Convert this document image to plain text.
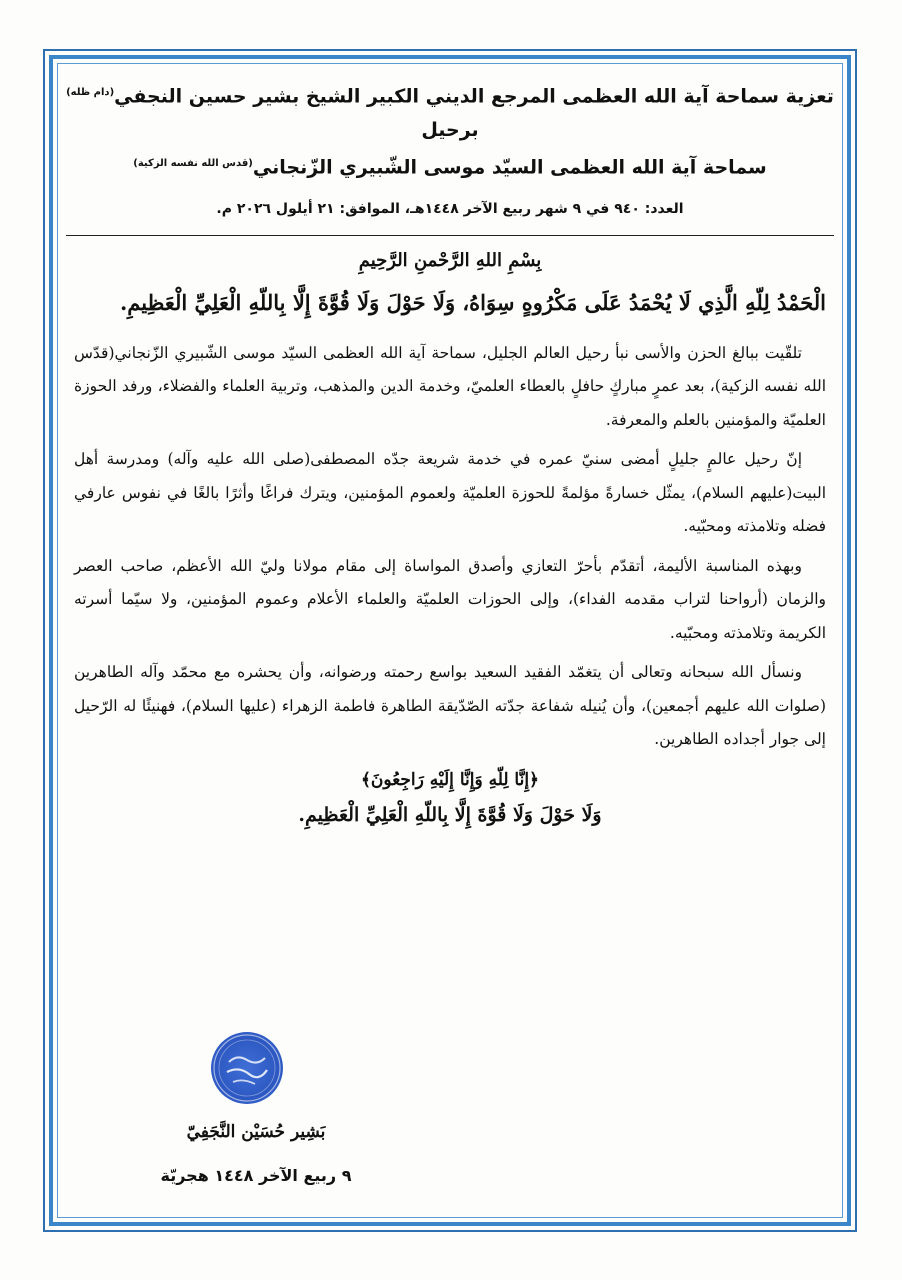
تعزية سماحة آية الله العظمى المرجع الديني الكبير الشيخ بشير حسين النجفي$^{(دام ظله)}$ برحيل
سماحة آية الله العظمى السيّد موسى الشّبيري الزّنجاني$^{(قدس الله نفسه الزكية)}$
العدد: ٩٤٠ في ٩ شهر ربيع الآخر ١٤٤٨هـ، الموافق: ٢١ أيلول ٢٠٢٦ م.
بِسْمِ اللهِ الرَّحْمنِ الرَّحِيمِ
الْحَمْدُ لِلّهِ الَّذِي لَا يُحْمَدُ عَلَى مَكْرُوهٍ سِوَاهُ، وَلَا حَوْلَ وَلَا قُوَّةَ إِلَّا بِاللّهِ الْعَلِيِّ الْعَظِيمِ.

تلقّيت ببالغ الحزن والأسى نبأ رحيل العالم الجليل، سماحة آية الله العظمى السيّد موسى الشّبيري الزّنجاني(قدّس الله نفسه الزكية)، بعد عمرٍ مباركٍ حافلٍ بالعطاء العلميّ، وخدمة الدين والمذهب، وتربية العلماء والفضلاء، ورفد الحوزة العلميّة والمؤمنين بالعلم والمعرفة.

إنّ رحيل عالمٍ جليلٍ أمضى سنيّ عمره في خدمة شريعة جدّه المصطفى(صلى الله عليه وآله) ومدرسة أهل البيت(عليهم السلام)، يمثّل خسارةً مؤلمةً للحوزة العلميّة ولعموم المؤمنين، ويترك فراغًا وأثرًا بالغًا في نفوس عارفي فضله وتلامذته ومحبّيه.

وبهذه المناسبة الأليمة، أتقدّم بأحرّ التعازي وأصدق المواساة إلى مقام مولانا وليّ الله الأعظم، صاحب العصر والزمان (أرواحنا لتراب مقدمه الفداء)، وإلى الحوزات العلميّة والعلماء الأعلام وعموم المؤمنين، ولا سيّما أسرته الكريمة وتلامذته ومحبّيه.

ونسأل الله سبحانه وتعالى أن يتغمّد الفقيد السعيد بواسع رحمته ورضوانه، وأن يحشره مع محمّد وآله الطاهرين (صلوات الله عليهم أجمعين)، وأن يُنيله شفاعة جدّته الصّدّيقة الطاهرة فاطمة الزهراء (عليها السلام)، فهنيئًا له الرّحيل إلى جوار أجداده الطاهرين.

﴿إِنَّا لِلّهِ وَإِنَّا إِلَيْهِ رَاجِعُونَ﴾
وَلَا حَوْلَ وَلَا قُوَّةَ إِلَّا بِاللّهِ الْعَلِيِّ الْعَظِيمِ.
بَشِير حُسَيْن النَّجَفِيّ
٩ ربيع الآخر ١٤٤٨ هجريّة
